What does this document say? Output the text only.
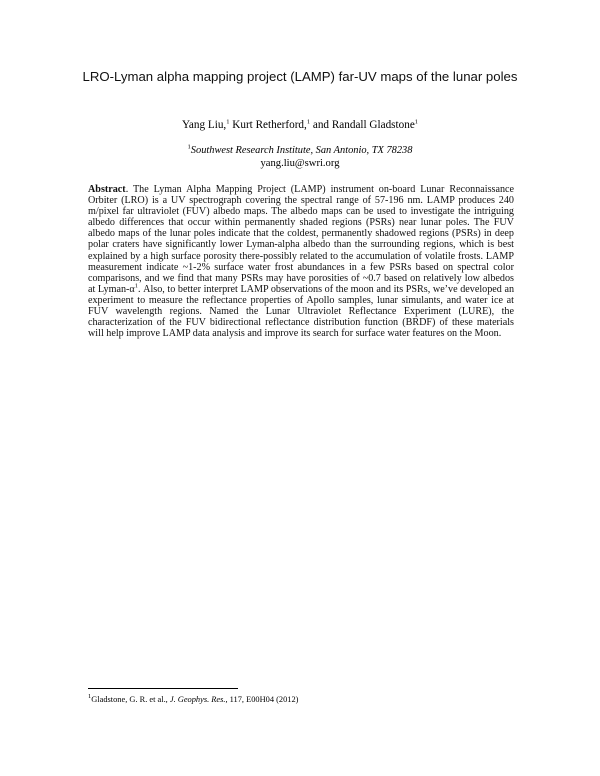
LRO-Lyman alpha mapping project (LAMP) far-UV maps of the lunar poles
Yang Liu,$^1$ Kurt Retherford,$^1$ and Randall Gladstone$^1$
$^1$Southwest Research Institute, San Antonio, TX 78238
yang.liu@swri.org
Abstract. The Lyman Alpha Mapping Project (LAMP) instrument on-board Lunar Reconnaissance Orbiter (LRO) is a UV spectrograph covering the spectral range of 57-196 nm. LAMP produces 240 m/pixel far ultraviolet (FUV) albedo maps. The albedo maps can be used to investigate the intriguing albedo differences that occur within permanently shaded regions (PSRs) near lunar poles. The FUV albedo maps of the lunar poles indicate that the coldest, permanently shadowed regions (PSRs) in deep polar craters have significantly lower Lyman-alpha albedo than the surrounding regions, which is best explained by a high surface porosity there-possibly related to the accumulation of volatile frosts. LAMP measurement indicate ~1-2% surface water frost abundances in a few PSRs based on spectral color comparisons, and we find that many PSRs may have porosities of ~0.7 based on relatively low albedos at Lyman-$\alpha^1$. Also, to better interpret LAMP observations of the moon and its PSRs, we’ve developed an experiment to measure the reflectance properties of Apollo samples, lunar simulants, and water ice at FUV wavelength regions. Named the Lunar Ultraviolet Reflectance Experiment (LURE), the characterization of the FUV bidirectional reflectance distribution function (BRDF) of these materials will help improve LAMP data analysis and improve its search for surface water features on the Moon.
$^1$Gladstone, G. R. et al., J. Geophys. Res., 117, E00H04 (2012)
